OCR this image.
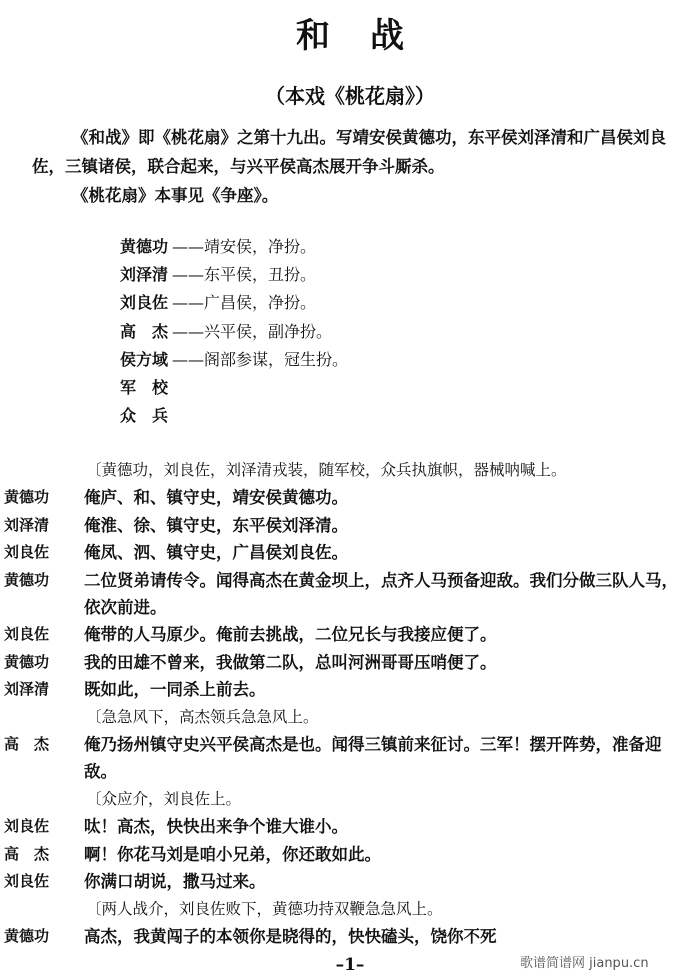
和战
（本戏《桃花扇》）

《和战》即《桃花扇》之第十九出。写靖安侯黄德功，东平侯刘泽清和广昌侯刘良佐，三镇诸侯，联合起来，与兴平侯高杰展开争斗厮杀。

《桃花扇》本事见《争座》。

黄德功 ——靖安侯，净扮。
刘泽清 ——东平侯，丑扮。
刘良佐 ——广昌侯，净扮。
高　杰 ——兴平侯，副净扮。
侯方域 ——阁部参谋，冠生扮。
军　校
众　兵
〔黄德功，刘良佐，刘泽清戎装，随军校，众兵执旗帜，器械呐喊上。
黄德功	俺庐、和、镇守史，靖安侯黄德功。
刘泽清	俺淮、徐、镇守史，东平侯刘泽清。
刘良佐	俺凤、泗、镇守史，广昌侯刘良佐。
黄德功	二位贤弟请传令。闻得高杰在黄金坝上，点齐人马预备迎敌。我们分做三队人马，依次前进。
刘良佐	俺带的人马原少。俺前去挑战，二位兄长与我接应便了。
黄德功	我的田雄不曾来，我做第二队，总叫河洲哥哥压哨便了。
刘泽清	既如此，一同杀上前去。
〔急急风下，高杰领兵急急风上。
高　杰	俺乃扬州镇守史兴平侯高杰是也。闻得三镇前来征讨。三军！摆开阵势，准备迎敌。
〔众应介，刘良佐上。
刘良佐	呔！高杰，快快出来争个谁大谁小。
高　杰	啊！你花马刘是咱小兄弟，你还敢如此。
刘良佐	你满口胡说，撒马过来。
〔两人战介，刘良佐败下，黄德功持双鞭急急风上。
黄德功	高杰，我黄闯子的本领你是晓得的，快快磕头，饶你不死
–1–	歌谱简谱网 jianpu.cn
